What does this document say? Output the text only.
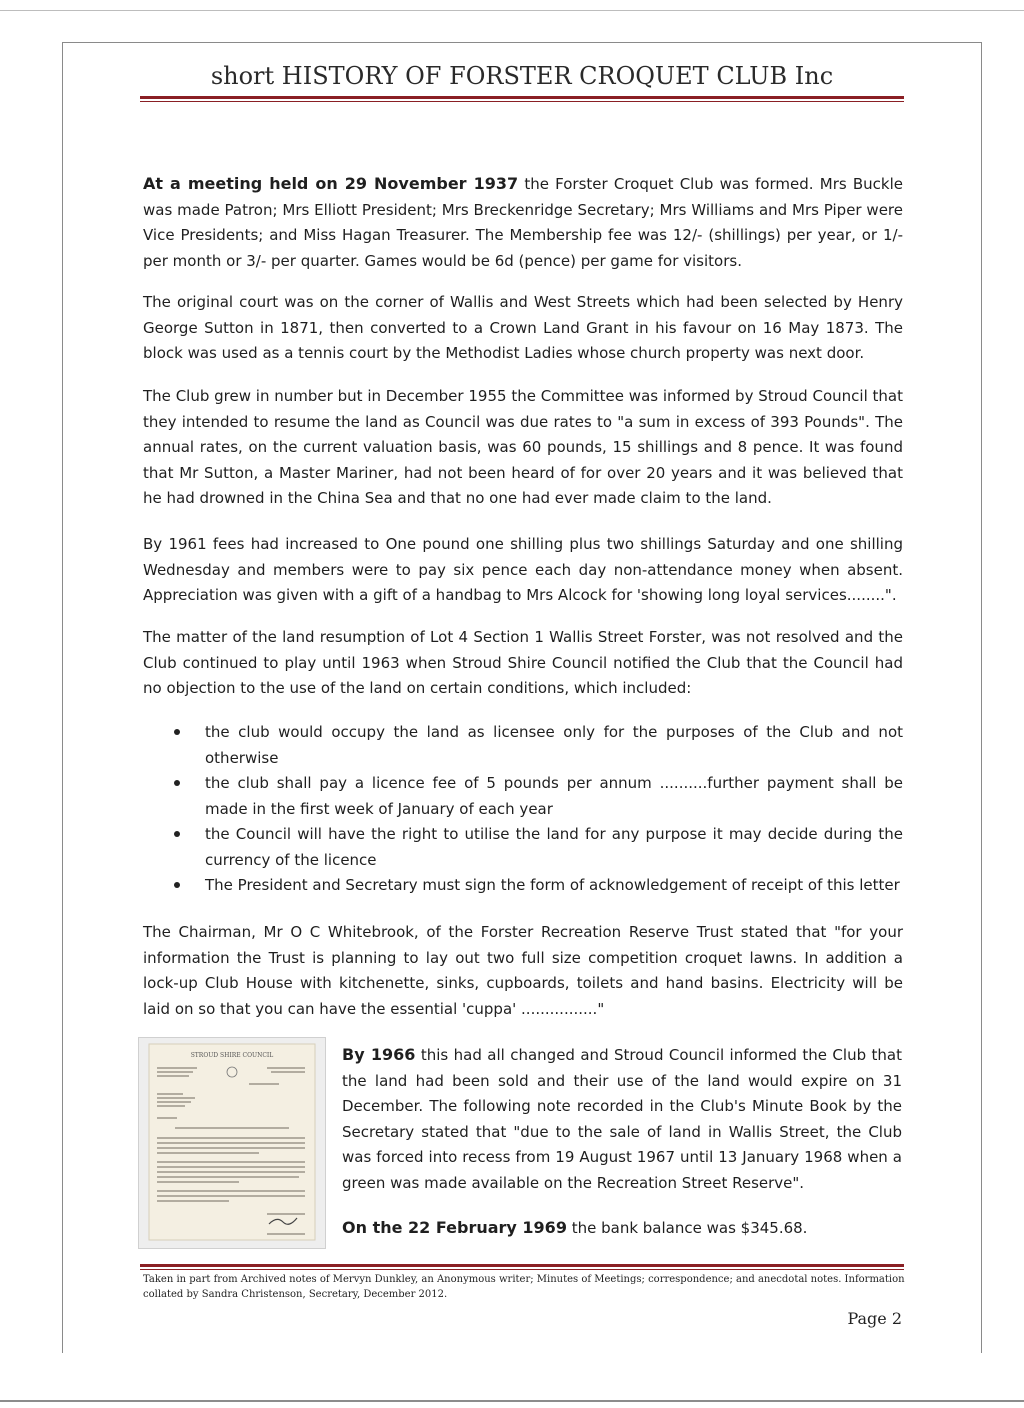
short HISTORY OF FORSTER CROQUET CLUB Inc

At a meeting held on 29 November 1937 the Forster Croquet Club was formed. Mrs Buckle was made Patron; Mrs Elliott President; Mrs Breckenridge Secretary; Mrs Williams and Mrs Piper were Vice Presidents; and Miss Hagan Treasurer. The Membership fee was 12/- (shillings) per year, or 1/- per month or 3/- per quarter. Games would be 6d (pence) per game for visitors.

The original court was on the corner of Wallis and West Streets which had been selected by Henry George Sutton in 1871, then converted to a Crown Land Grant in his favour on 16 May 1873. The block was used as a tennis court by the Methodist Ladies whose church property was next door.

The Club grew in number but in December 1955 the Committee was informed by Stroud Council that they intended to resume the land as Council was due rates to "a sum in excess of 393 Pounds". The annual rates, on the current valuation basis, was 60 pounds, 15 shillings and 8 pence. It was found that Mr Sutton, a Master Mariner, had not been heard of for over 20 years and it was believed that he had drowned in the China Sea and that no one had ever made claim to the land.

By 1961 fees had increased to One pound one shilling plus two shillings Saturday and one shilling Wednesday and members were to pay six pence each day non-attendance money when absent. Appreciation was given with a gift of a handbag to Mrs Alcock for 'showing long loyal services........".

The matter of the land resumption of Lot 4 Section 1 Wallis Street Forster, was not resolved and the Club continued to play until 1963 when Stroud Shire Council notified the Club that the Council had no objection to the use of the land on certain conditions, which included:

the club would occupy the land as licensee only for the purposes of the Club and not otherwise
the club shall pay a licence fee of 5 pounds per annum ..........further payment shall be made in the first week of January of each year
the Council will have the right to utilise the land for any purpose it may decide during the currency of the licence
The President and Secretary must sign the form of acknowledgement of receipt of this letter

The Chairman, Mr O C Whitebrook, of the Forster Recreation Reserve Trust stated that "for your information the Trust is planning to lay out two full size competition croquet lawns. In addition a lock-up Club House with kitchenette, sinks, cupboards, toilets and hand basins. Electricity will be laid on so that you can have the essential 'cuppa' ................"

STROUD SHIRE COUNCIL	By 1966 this had all changed and Stroud Council informed the Club that the land had been sold and their use of the land would expire on 31 December. The following note recorded in the Club's Minute Book by the Secretary stated that "due to the sale of land in Wallis Street, the Club was forced into recess from 19 August 1967 until 13 January 1968 when a green was made available on the Recreation Street Reserve".

On the 22 February 1969 the bank balance was $345.68.

Taken in part from Archived notes of Mervyn Dunkley, an Anonymous writer; Minutes of Meetings; correspondence; and anecdotal notes. Information collated by Sandra Christenson, Secretary, December 2012.

Page 2
